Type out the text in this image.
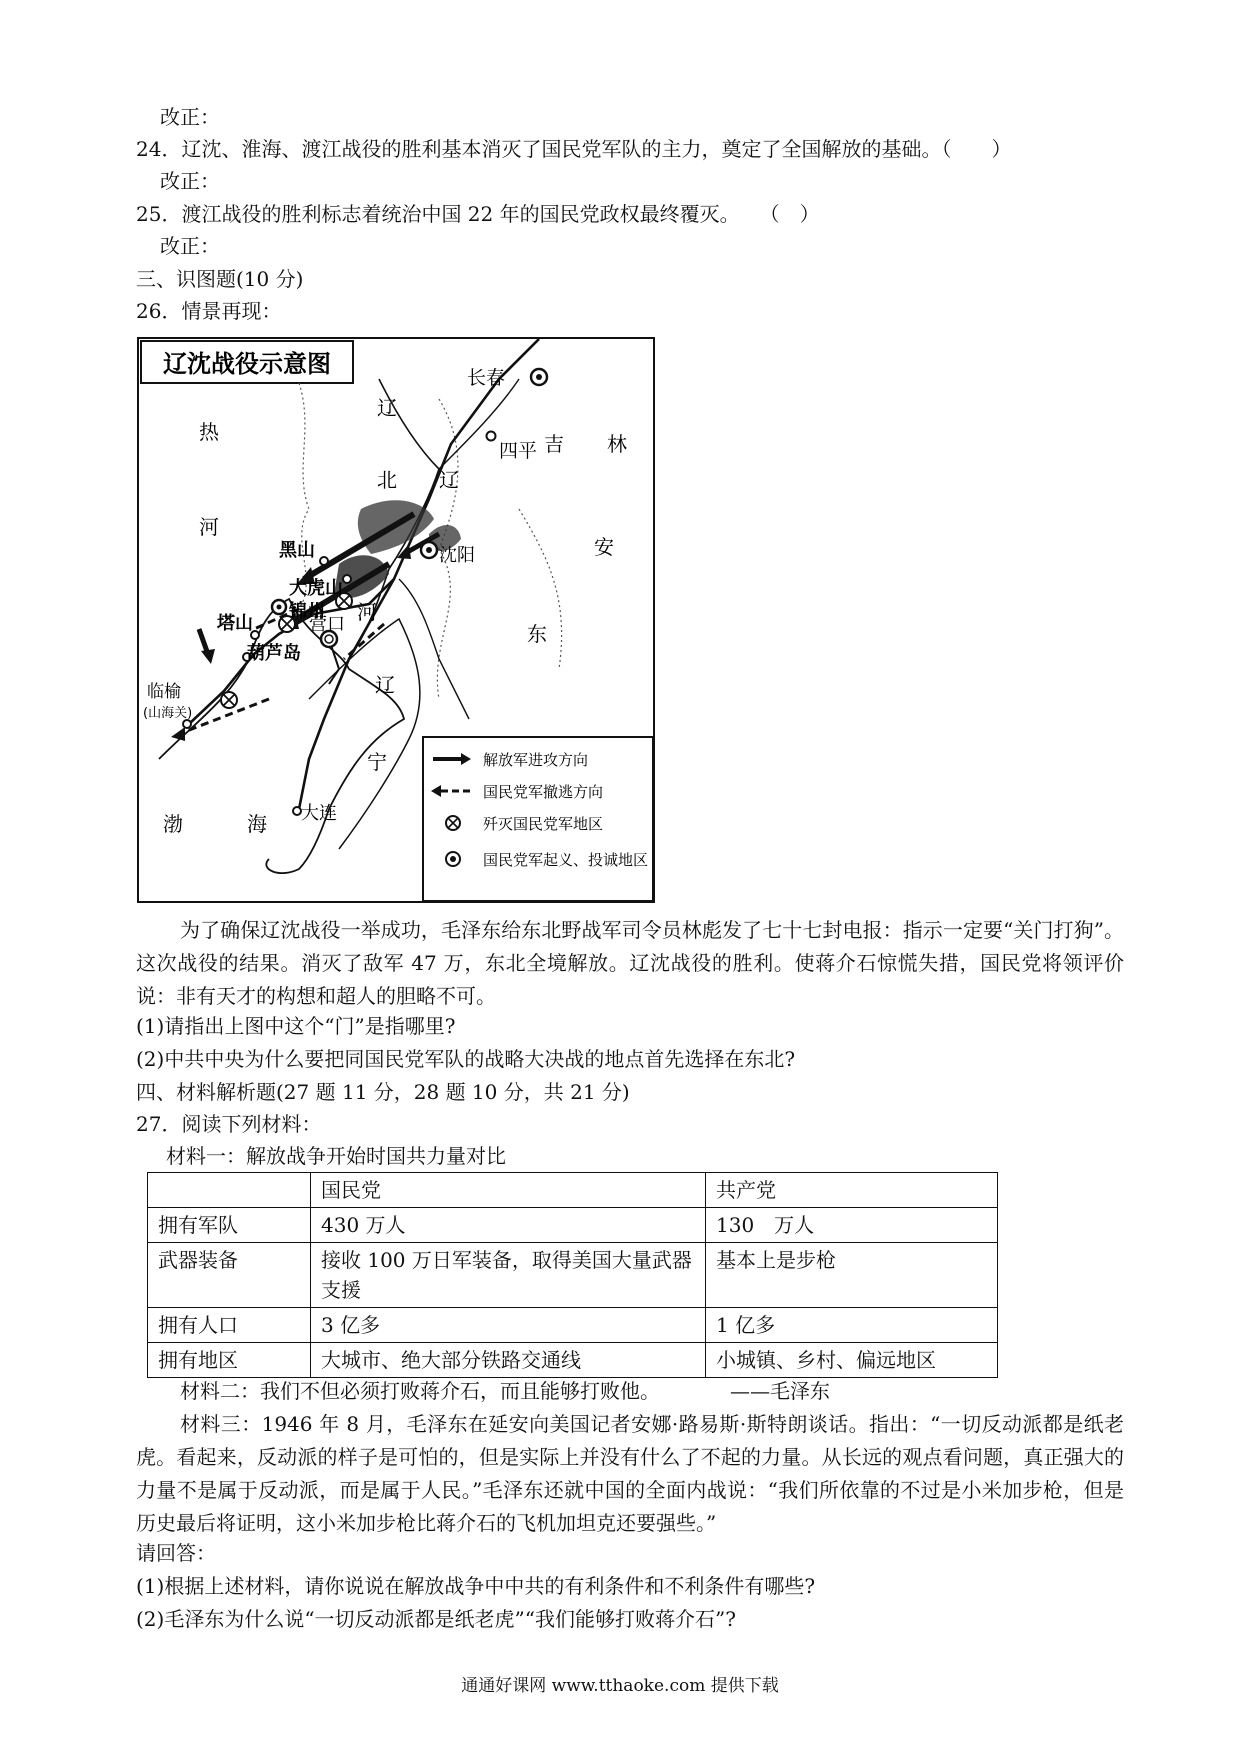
改正：
24．辽沈、淮海、渡江战役的胜利基本消灭了国民党军队的主力，奠定了全国解放的基础。（　　）
改正：
25．渡江战役的胜利标志着统治中国 22 年的国民党政权最终覆灭。　　（　）
改正：
三、识图题(10 分)
26．情景再现：
辽沈战役示意图	长春
四平
沈阳
黑山
大虎山
锦州
塔山	营口
葫芦岛
临榆
(山海关)
大连
热
河
辽
北 辽
吉 林
安
东
河
辽
宁
渤	海
解放军进攻方向
国民党军撤逃方向
歼灭国民党军地区
国民党军起义、投诚地区
为了确保辽沈战役一举成功，毛泽东给东北野战军司令员林彪发了七十七封电报：指示一定要“关门打狗”。这次战役的结果。消灭了敌军 47 万，东北全境解放。辽沈战役的胜利。使蒋介石惊慌失措，国民党将领评价说：非有天才的构想和超人的胆略不可。
(1)请指出上图中这个“门”是指哪里?
(2)中共中央为什么要把同国民党军队的战略大决战的地点首先选择在东北?
四、材料解析题(27 题 11 分，28 题 10 分，共 21 分)
27．阅读下列材料：
材料一：解放战争开始时国共力量对比
	国民党	共产党
拥有军队	430 万人	130　万人
武器装备	接收 100 万日军装备，取得美国大量武器支援	基本上是步枪
拥有人口	3 亿多	1 亿多
拥有地区	大城市、绝大部分铁路交通线	小城镇、乡村、偏远地区
材料二：我们不但必须打败蒋介石，而且能够打败他。　　　　——毛泽东
材料三：1946 年 8 月，毛泽东在延安向美国记者安娜·路易斯·斯特朗谈话。指出：“一切反动派都是纸老虎。看起来，反动派的样子是可怕的，但是实际上并没有什么了不起的力量。从长远的观点看问题，真正强大的力量不是属于反动派，而是属于人民。”毛泽东还就中国的全面内战说：“我们所依靠的不过是小米加步枪，但是历史最后将证明，这小米加步枪比蒋介石的飞机加坦克还要强些。”
请回答：
(1)根据上述材料，请你说说在解放战争中中共的有利条件和不利条件有哪些?
(2)毛泽东为什么说“一切反动派都是纸老虎”“我们能够打败蒋介石”?
通通好课网 www.tthaoke.com 提供下载
